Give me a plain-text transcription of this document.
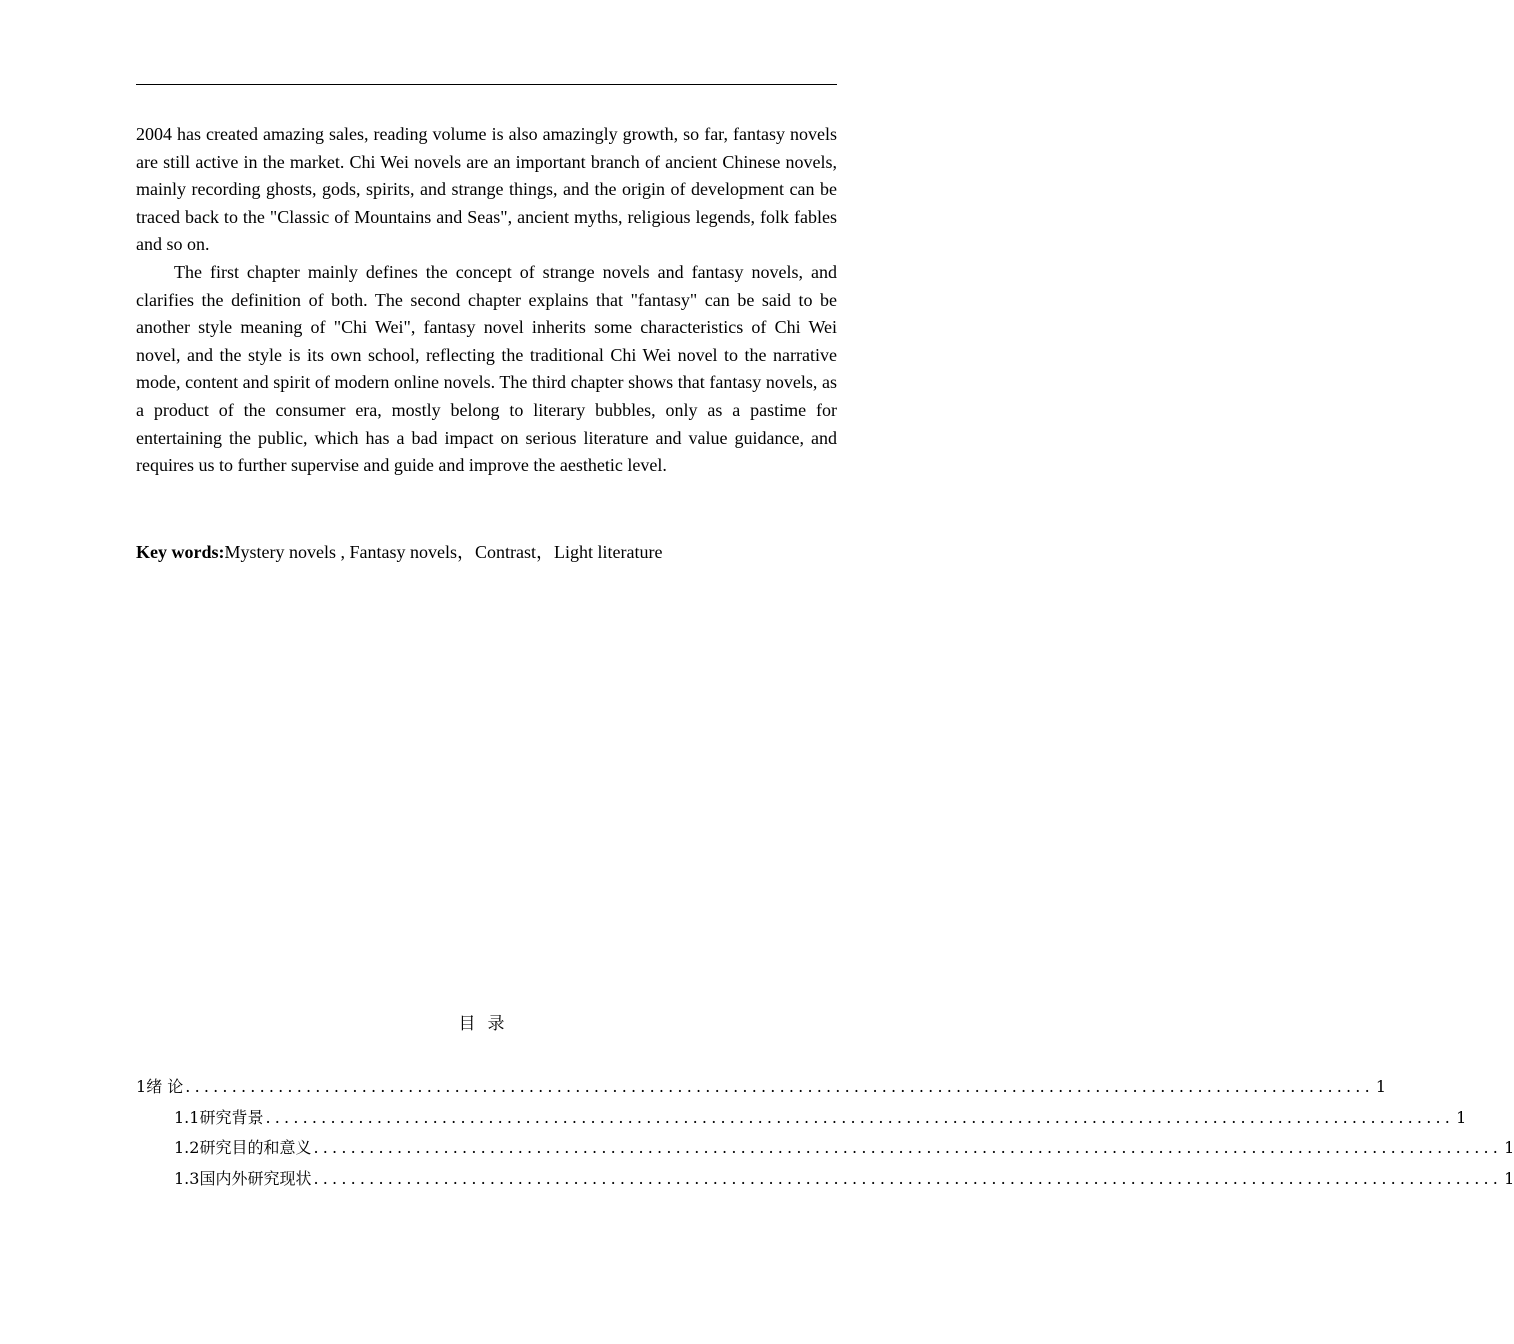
2004 has created amazing sales, reading volume is also amazingly growth, so far, fantasy novels are still active in the market. Chi Wei novels are an important branch of ancient Chinese novels, mainly recording ghosts, gods, spirits, and strange things, and the origin of development can be traced back to the "Classic of Mountains and Seas", ancient myths, religious legends, folk fables and so on.

The first chapter mainly defines the concept of strange novels and fantasy novels, and clarifies the definition of both. The second chapter explains that "fantasy" can be said to be another style meaning of "Chi Wei", fantasy novel inherits some characteristics of Chi Wei novel, and the style is its own school, reflecting the traditional Chi Wei novel to the narrative mode, content and spirit of modern online novels. The third chapter shows that fantasy novels, as a product of the consumer era, mostly belong to literary bubbles, only as a pastime for entertaining the public, which has a bad impact on serious literature and value guidance, and requires us to further supervise and guide and improve the aesthetic level.

Key words:Mystery novels , Fantasy novels，Contrast，Light literature
目录
1绪 论 ................................................................................................................................ 1
1.1研究背景 ................................................................................................................................ 1
1.2研究目的和意义 ................................................................................................................................ 1
1.3国内外研究现状 ................................................................................................................................ 1
